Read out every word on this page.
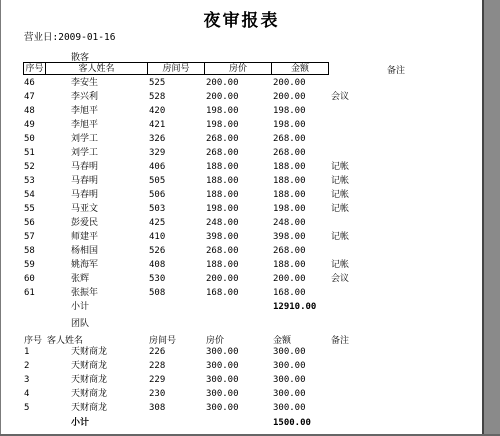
夜审报表
营业日:2009-01-16
散客
序号	客人姓名	房间号	房价	金额	备注
46	李安生	525	200.00	200.00
47	李兴利	528	200.00	200.00	会议
48	李旭平	420	198.00	198.00
49	李旭平	421	198.00	198.00
50	刘学工	326	268.00	268.00
51	刘学工	329	268.00	268.00
52	马春明	406	188.00	188.00	记帐
53	马春明	505	188.00	188.00	记帐
54	马春明	506	188.00	188.00	记帐
55	马亚文	503	198.00	198.00	记帐
56	彭爱民	425	248.00	248.00
57	师建平	410	398.00	398.00	记帐
58	杨相国	526	268.00	268.00
59	姚海军	408	188.00	188.00	记帐
60	张辉	530	200.00	200.00	会议
61	张振年	508	168.00	168.00
小计	12910.00
团队
序号 客人姓名	房间号	房价	金额	备注
1	天财商龙	226	300.00	300.00
2	天财商龙	228	300.00	300.00
3	天财商龙	229	300.00	300.00
4	天财商龙	230	300.00	300.00
5	天财商龙	308	300.00	300.00
小计	1500.00
